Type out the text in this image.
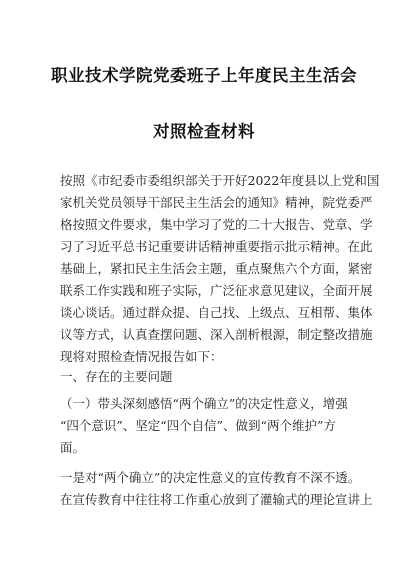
职业技术学院党委班子上年度民主生活会
对照检查材料
按照《市纪委市委组织部关于开好2022年度县以上党和国
家机关党员领导干部民主生活会的通知》精神，院党委严
格按照文件要求，集中学习了党的二十大报告、党章、学
习了习近平总书记重要讲话精神重要指示批示精神。在此
基础上，紧扣民主生活会主题，重点聚焦六个方面，紧密
联系工作实践和班子实际，广泛征求意见建议，全面开展
谈心谈话。通过群众提、自己找、上级点、互相帮、集体
议等方式，认真查摆问题、深入剖析根源，制定整改措施
现将对照检查情况报告如下：
一、存在的主要问题
（一）带头深刻感悟“两个确立”的决定性意义，增强
“四个意识”、坚定“四个自信”、做到“两个维护”方
面。
一是对“两个确立”的决定性意义的宣传教育不深不透。
在宣传教育中往往将工作重心放到了灌输式的理论宣讲上
